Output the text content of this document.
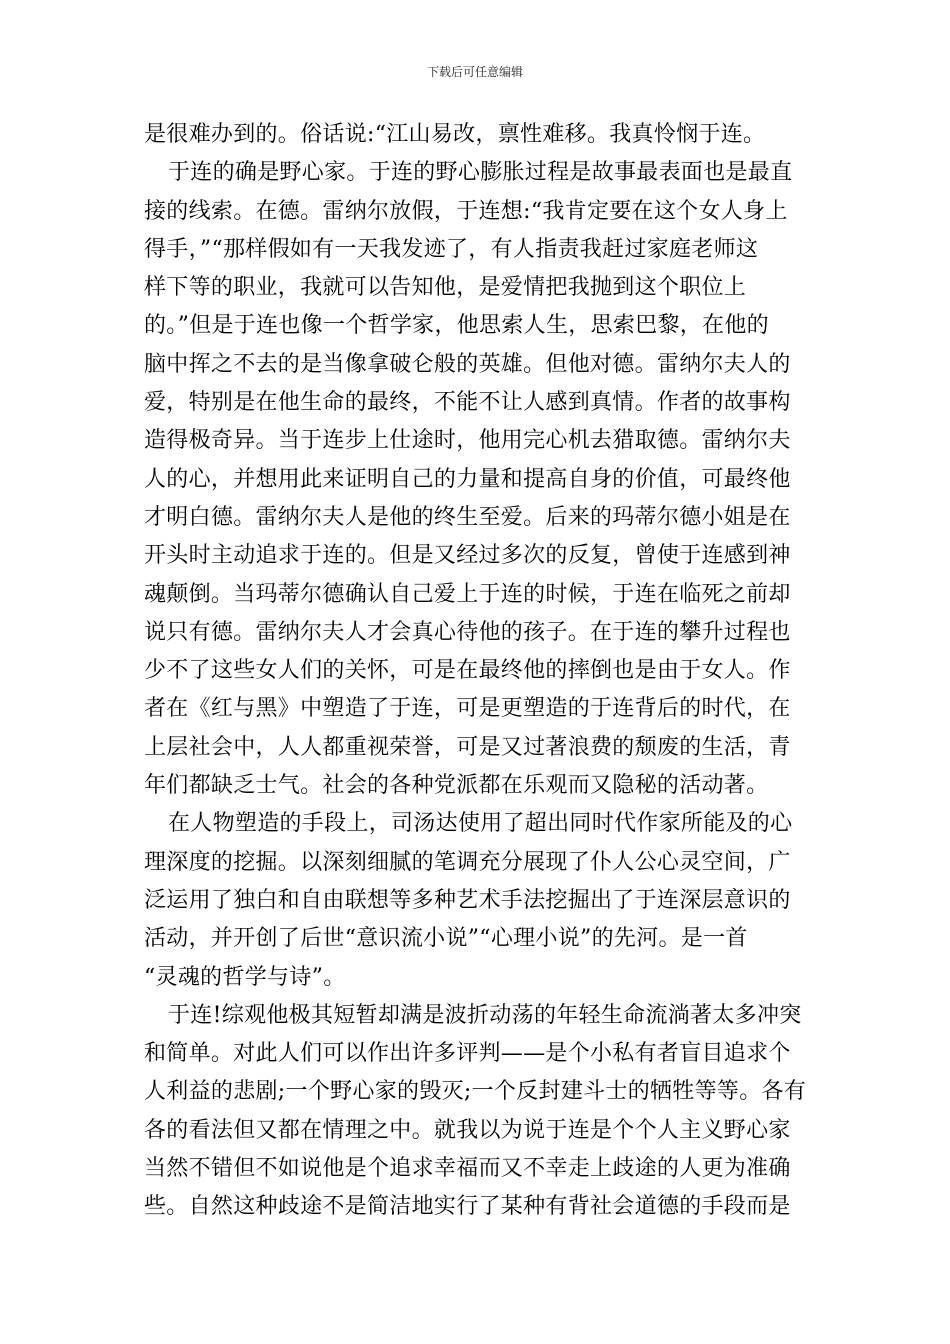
下载后可任意编辑
是很难办到的。俗话说:“江山易改，禀性难移。我真怜悯于连。
于连的确是野心家。于连的野心膨胀过程是故事最表面也是最直
接的线索。在德。雷纳尔放假，于连想:“我肯定要在这个女人身上
得手，”“那样假如有一天我发迹了，有人指责我赶过家庭老师这
样下等的职业，我就可以告知他，是爱情把我抛到这个职位上
的。”但是于连也像一个哲学家，他思索人生，思索巴黎，在他的
脑中挥之不去的是当像拿破仑般的英雄。但他对德。雷纳尔夫人的
爱，特别是在他生命的最终，不能不让人感到真情。作者的故事构
造得极奇异。当于连步上仕途时，他用完心机去猎取德。雷纳尔夫
人的心，并想用此来证明自己的力量和提高自身的价值，可最终他
才明白德。雷纳尔夫人是他的终生至爱。后来的玛蒂尔德小姐是在
开头时主动追求于连的。但是又经过多次的反复，曾使于连感到神
魂颠倒。当玛蒂尔德确认自己爱上于连的时候，于连在临死之前却
说只有德。雷纳尔夫人才会真心待他的孩子。在于连的攀升过程也
少不了这些女人们的关怀，可是在最终他的摔倒也是由于女人。作
者在《红与黑》中塑造了于连，可是更塑造的于连背后的时代，在
上层社会中，人人都重视荣誉，可是又过著浪费的颓废的生活，青
年们都缺乏士气。社会的各种党派都在乐观而又隐秘的活动著。
在人物塑造的手段上，司汤达使用了超出同时代作家所能及的心
理深度的挖掘。以深刻细腻的笔调充分展现了仆人公心灵空间，广
泛运用了独白和自由联想等多种艺术手法挖掘出了于连深层意识的
活动，并开创了后世“意识流小说”“心理小说”的先河。是一首
“灵魂的哲学与诗”。
于连!综观他极其短暂却满是波折动荡的年轻生命流淌著太多冲突
和简单。对此人们可以作出许多评判——是个小私有者盲目追求个
人利益的悲剧;一个野心家的毁灭;一个反封建斗士的牺牲等等。各有
各的看法但又都在情理之中。就我以为说于连是个个人主义野心家
当然不错但不如说他是个追求幸福而又不幸走上歧途的人更为准确
些。自然这种歧途不是简洁地实行了某种有背社会道德的手段而是
